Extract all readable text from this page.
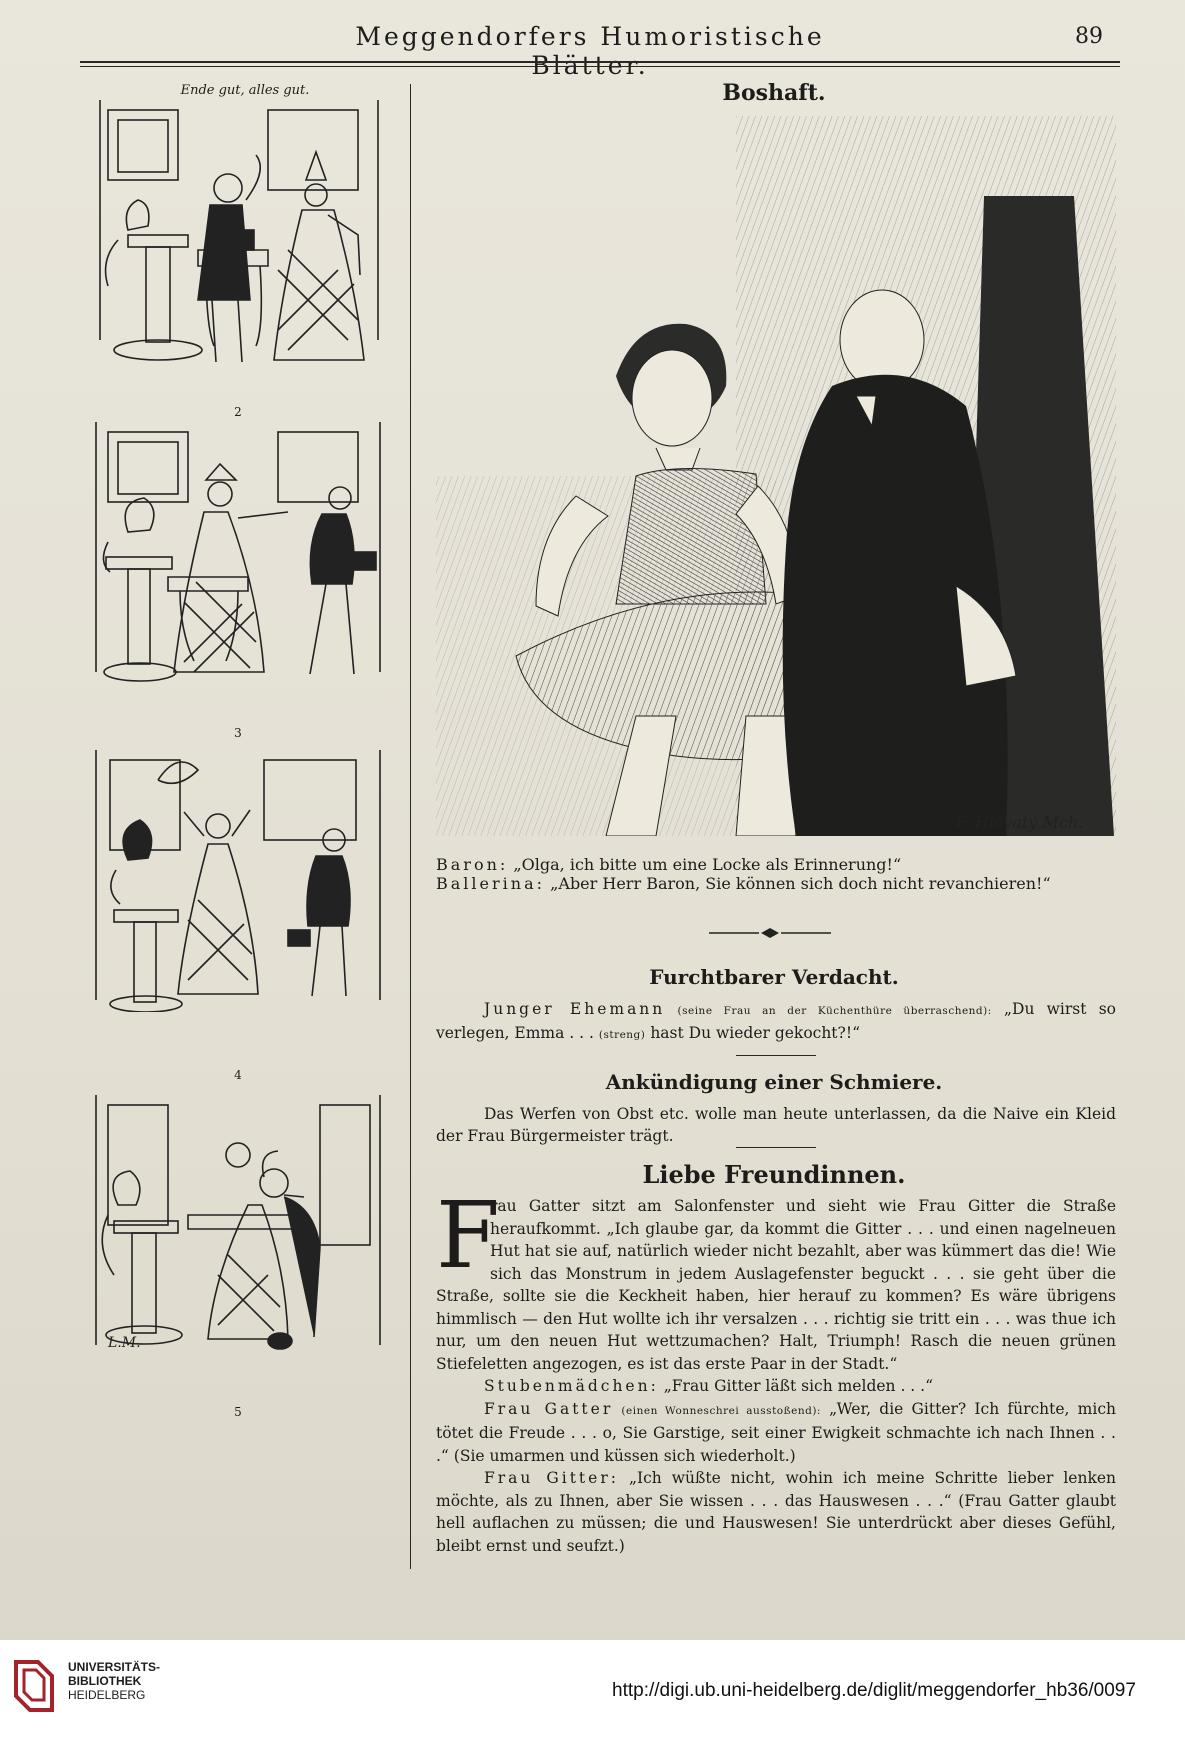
Meggendorfers Humoristische Blätter.
89
Ende gut, alles gut.
2
3
4
L.M.
5
Boshaft.
F. Hlavatý Mch.
Baron: „Olga, ich bitte um eine Locke als Erinnerung!“
Ballerina: „Aber Herr Baron, Sie können sich doch nicht revanchieren!“
Furchtbarer Verdacht.

Junger Ehemann (seine Frau an der Küchenthüre überraschend): „Du wirst so verlegen, Emma . . . (streng) hast Du wieder gekocht?!“

Ankündigung einer Schmiere.

Das Werfen von Obst etc. wolle man heute unterlassen, da die Naive ein Kleid der Frau Bürgermeister trägt.

Liebe Freundinnen.
F

rau Gatter sitzt am Salonfenster und sieht wie Frau Gitter die Straße heraufkommt. „Ich glaube gar, da kommt die Gitter . . . und einen nagelneuen Hut hat sie auf, natürlich wieder nicht bezahlt, aber was kümmert das die! Wie sich das Monstrum in jedem Auslagefenster beguckt . . . sie geht über die Straße, sollte sie die Keckheit haben, hier herauf zu kommen? Es wäre übrigens himmlisch — den Hut wollte ich ihr versalzen . . . richtig sie tritt ein . . . was thue ich nur, um den neuen Hut wettzumachen? Halt, Triumph! Rasch die neuen grünen Stiefeletten angezogen, es ist das erste Paar in der Stadt.“

Stubenmädchen: „Frau Gitter läßt sich melden . . .“

Frau Gatter (einen Wonneschrei ausstoßend): „Wer, die Gitter? Ich fürchte, mich tötet die Freude . . . o, Sie Garstige, seit einer Ewigkeit schmachte ich nach Ihnen . . .“ (Sie umarmen und küssen sich wiederholt.)

Frau Gitter: „Ich wüßte nicht, wohin ich meine Schritte lieber lenken möchte, als zu Ihnen, aber Sie wissen . . . das Hauswesen . . .“ (Frau Gatter glaubt hell auflachen zu müssen; die und Hauswesen! Sie unterdrückt aber dieses Gefühl, bleibt ernst und seufzt.)

UNIVERSITÄTS-
BIBLIOTHEK
HEIDELBERG	http://digi.ub.uni-heidelberg.de/diglit/meggendorfer_hb36/0097
